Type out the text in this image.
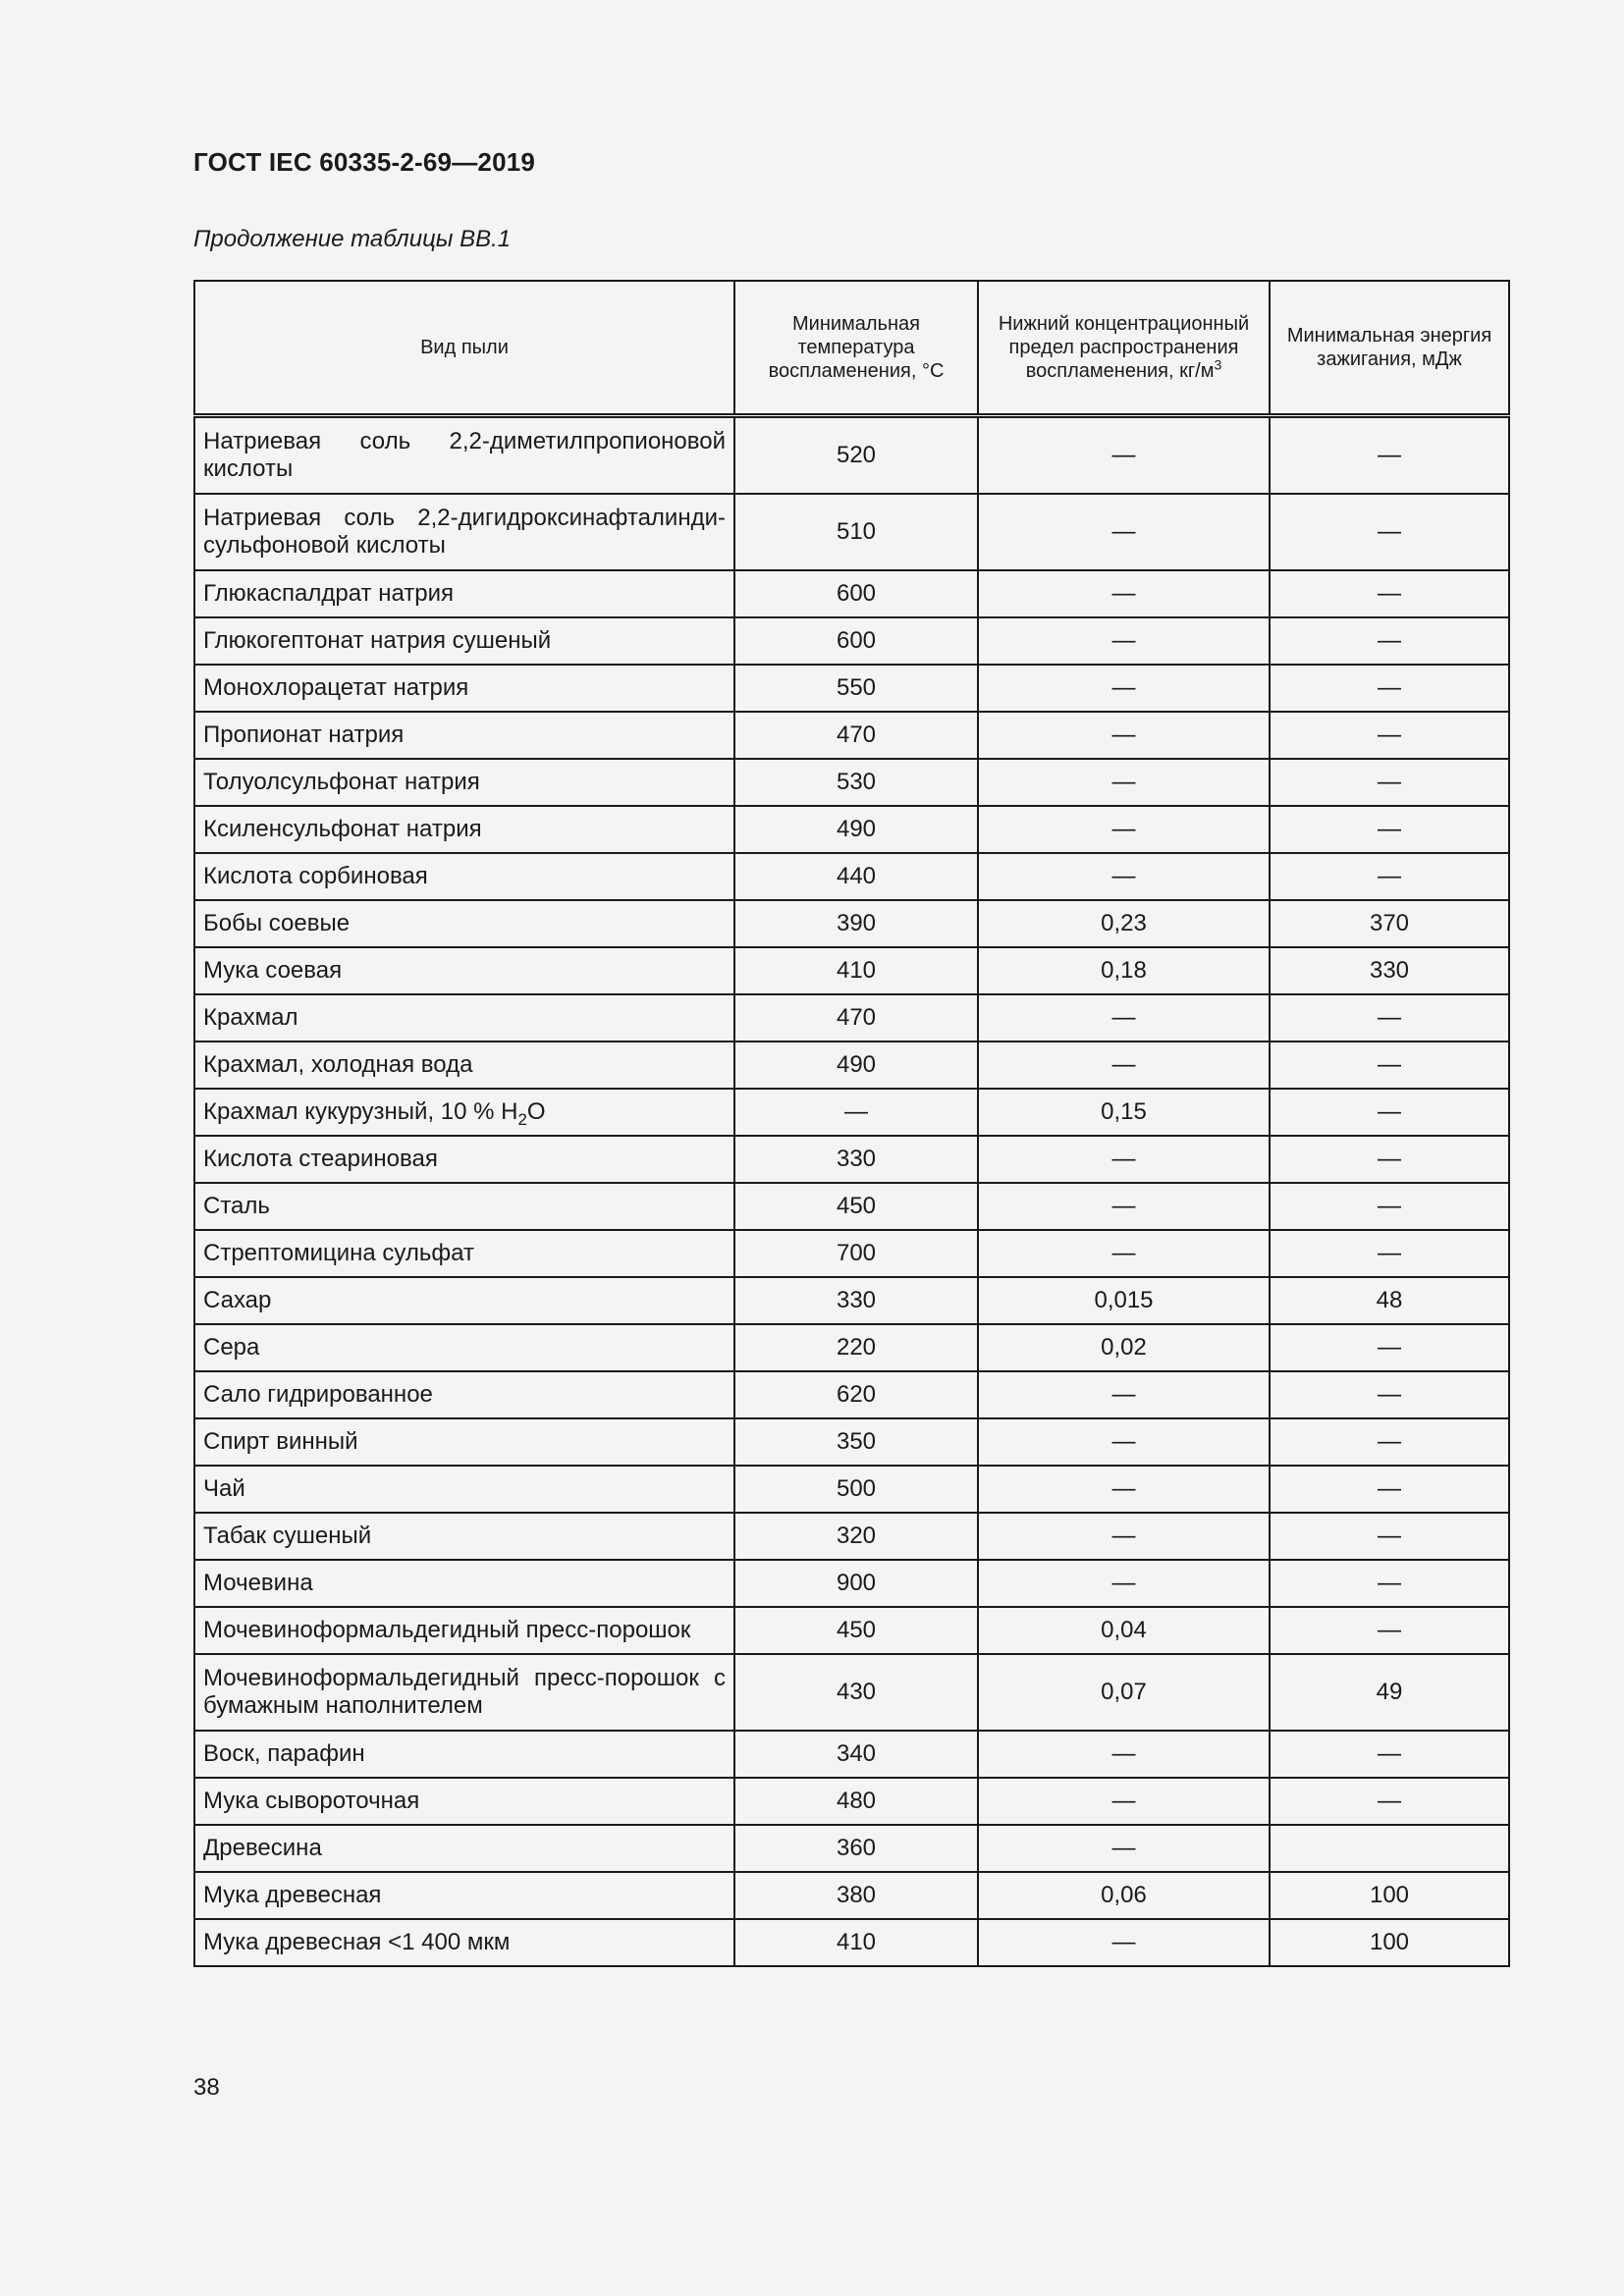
ГОСТ IEC 60335-2-69—2019
Продолжение таблицы ВВ.1
Вид пыли	Минимальная температура воспламенения, °С	Нижний концентрационный предел распространения воспламенения, $кг/м^3$	Минимальная энергия зажигания, мДж
Натриевая соль 2,2-диметилпропионовой кислоты	520	—	—
Натриевая соль 2,2-дигидроксинафталинди-сульфоновой кислоты	510	—	—
Глюкаспалдрат натрия	600	—	—
Глюкогептонат натрия сушеный	600	—	—
Монохлорацетат натрия	550	—	—
Пропионат натрия	470	—	—
Толуолсульфонат натрия	530	—	—
Ксиленсульфонат натрия	490	—	—
Кислота сорбиновая	440	—	—
Бобы соевые	390	0,23	370
Мука соевая	410	0,18	330
Крахмал	470	—	—
Крахмал, холодная вода	490	—	—
Крахмал кукурузный, 10 % $H_2O$	—	0,15	—
Кислота стеариновая	330	—	—
Сталь	450	—	—
Стрептомицина сульфат	700	—	—
Сахар	330	0,015	48
Сера	220	0,02	—
Сало гидрированное	620	—	—
Спирт винный	350	—	—
Чай	500	—	—
Табак сушеный	320	—	—
Мочевина	900	—	—
Мочевиноформальдегидный пресс-порошок	450	0,04	—
Мочевиноформальдегидный пресс-порошок с бумажным наполнителем	430	0,07	49
Воск, парафин	340	—	—
Мука сывороточная	480	—	—
Древесина	360	—	
Мука древесная	380	0,06	100
Мука древесная <1 400 мкм	410	—	100
38
